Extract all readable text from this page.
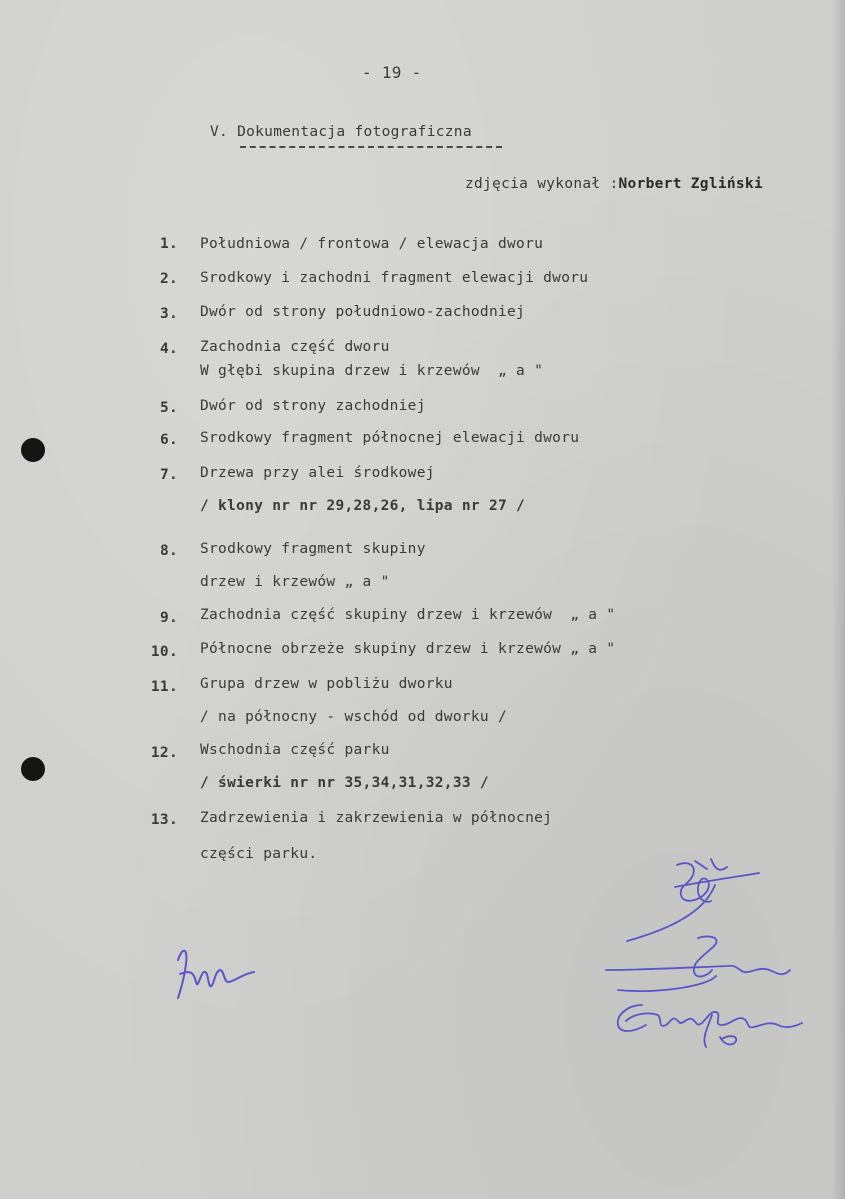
- 19 -
V. Dokumentacja fotograficzna
zdjęcia wykonał :Norbert Zgliński
1. Południowa / frontowa / elewacja dworu
2. Srodkowy i zachodni fragment elewacji dworu
3. Dwór od strony południowo-zachodniej
4. Zachodnia część dworu
W głębi skupina drzew i krzewów  „ a "
5. Dwór od strony zachodniej
6. Srodkowy fragment północnej elewacji dworu
7. Drzewa przy alei środkowej
/ klony nr nr 29,28,26, lipa nr 27 /
8. Srodkowy fragment skupiny
drzew i krzewów „ a "
9. Zachodnia część skupiny drzew i krzewów  „ a "
10. Północne obrzeże skupiny drzew i krzewów „ a "
11. Grupa drzew w pobliżu dworku
/ na północny - wschód od dworku /
12. Wschodnia część parku
/ świerki nr nr 35,34,31,32,33 /
13. Zadrzewienia i zakrzewienia w północnej
części parku.
